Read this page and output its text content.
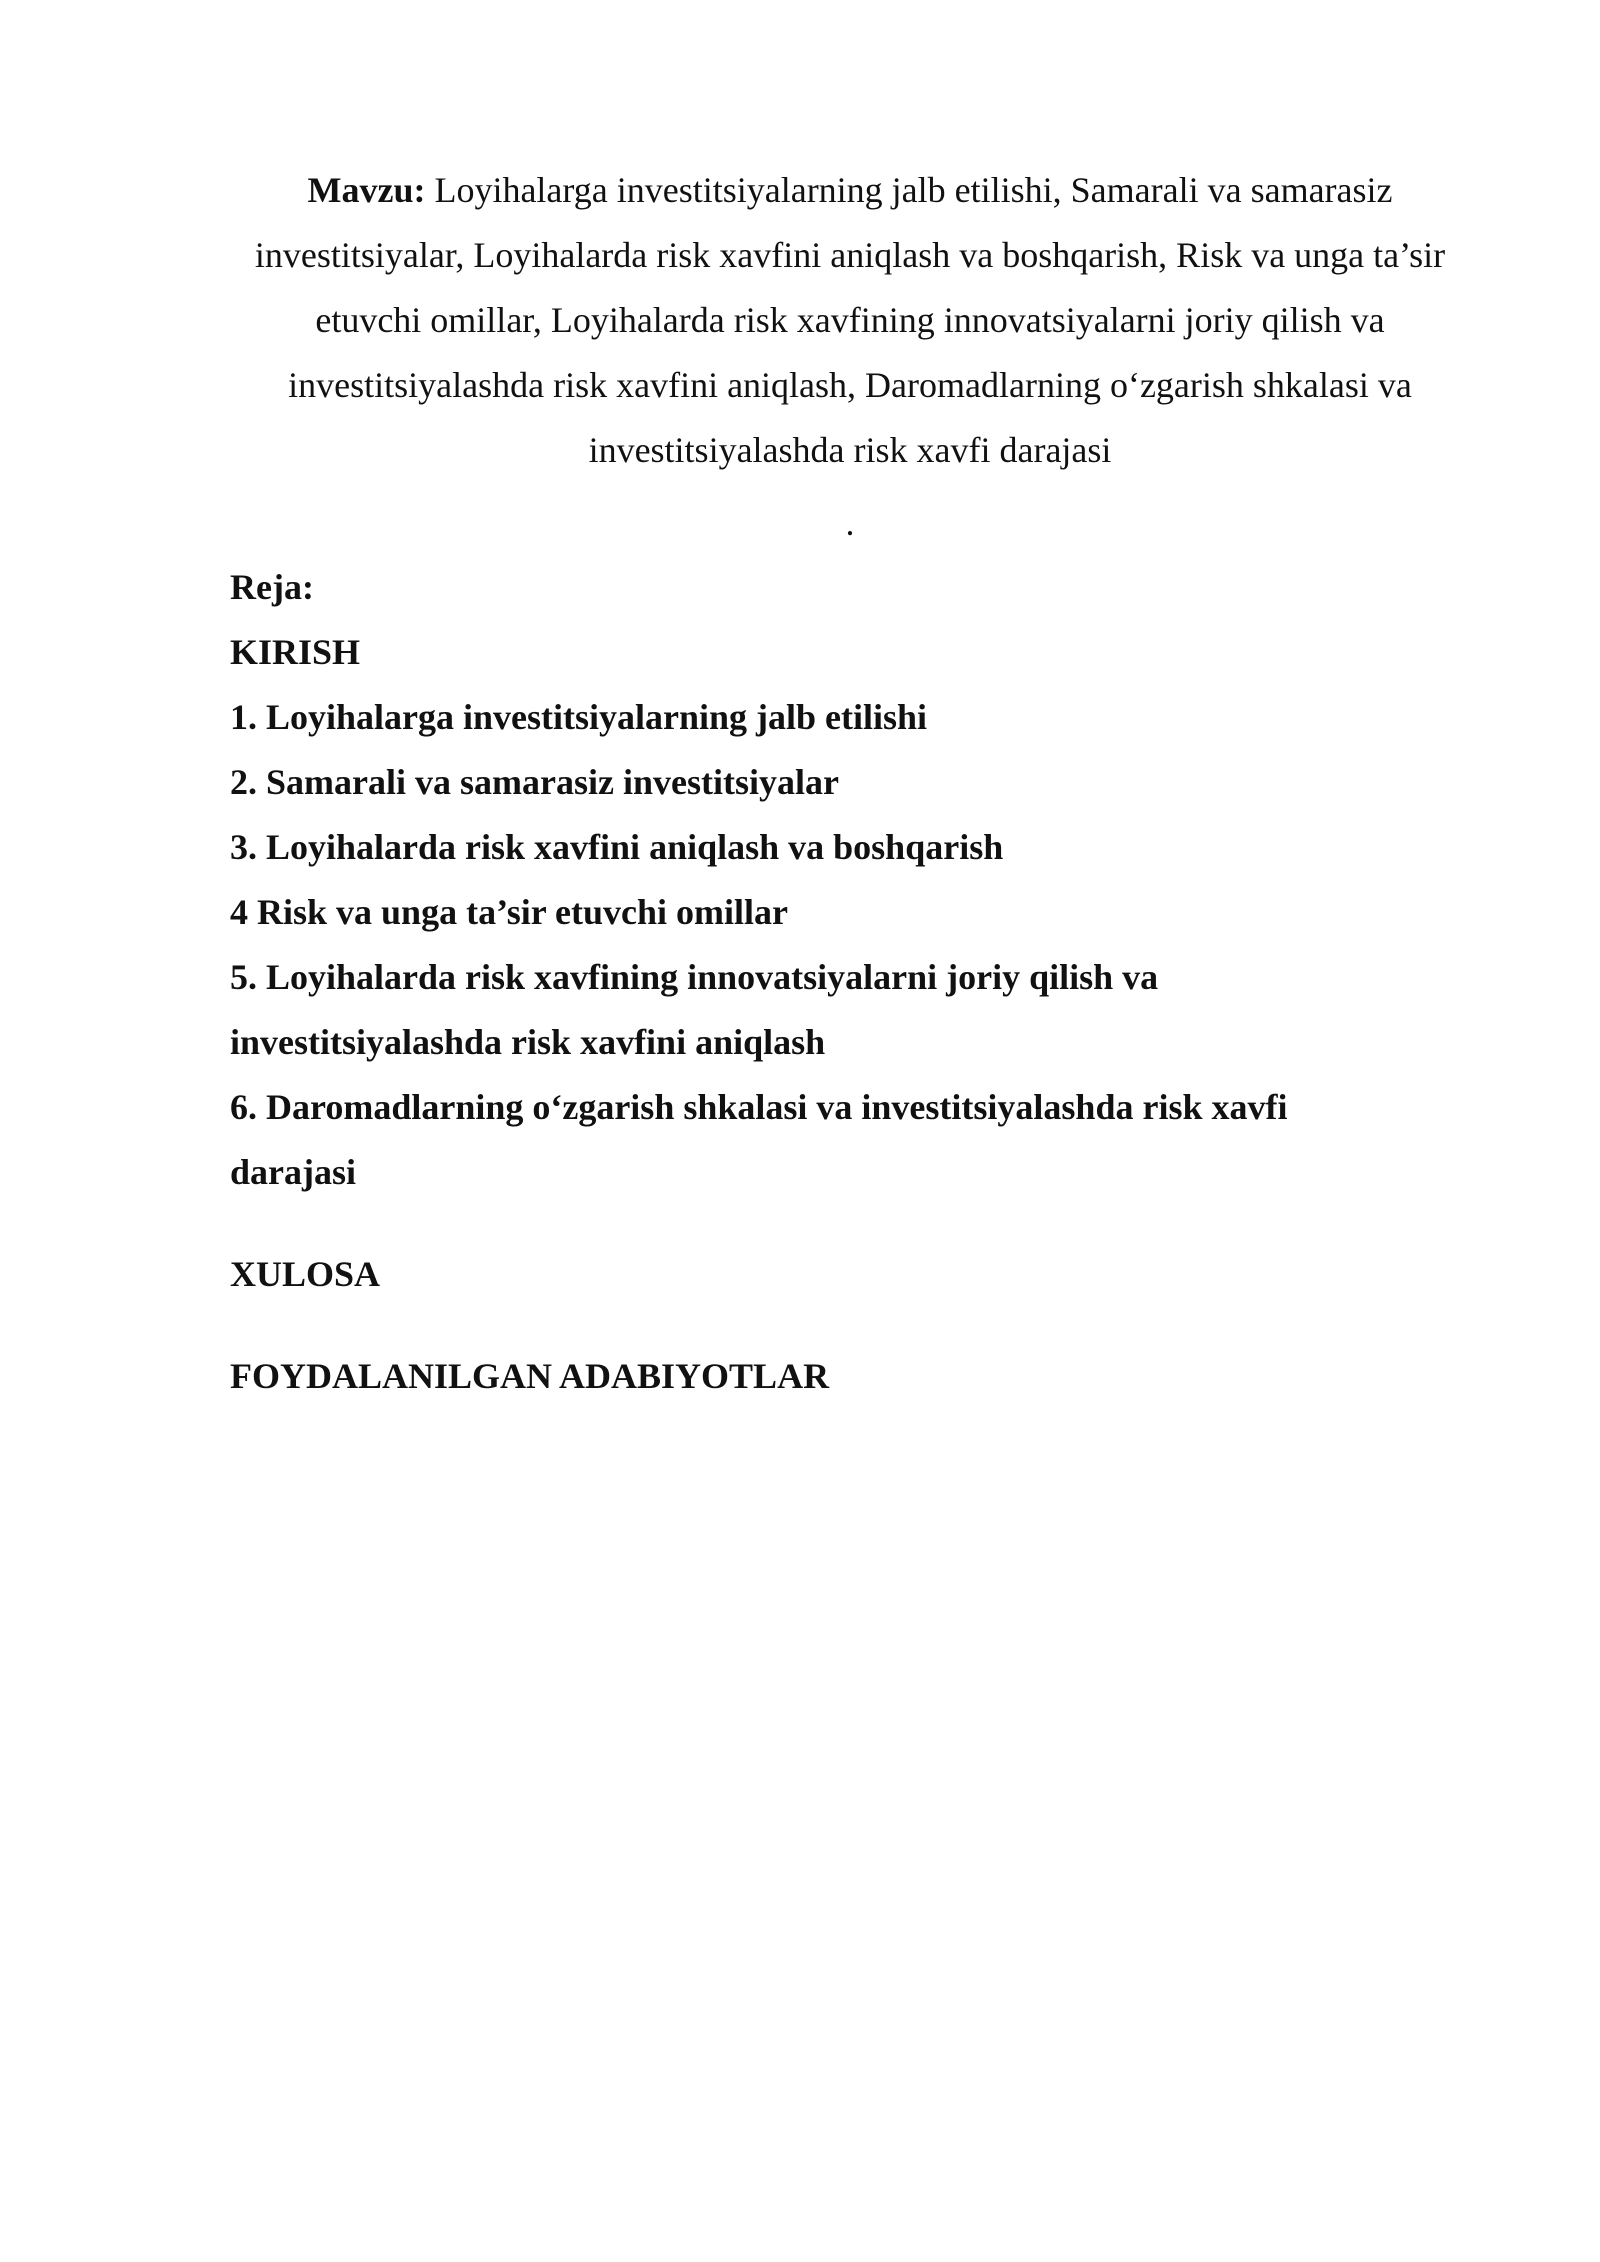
Mavzu: Loyihalarga investitsiyalarning jalb etilishi, Samarali va samarasiz investitsiyalar, Loyihalarda risk xavfini aniqlash va boshqarish, Risk va unga ta’sir etuvchi omillar, Loyihalarda risk xavfining innovatsiyalarni joriy qilish va investitsiyalashda risk xavfini aniqlash, Daromadlarning o‘zgarish shkalasi va investitsiyalashda risk xavfi darajasi
.
Reja:
KIRISH
1. Loyihalarga investitsiyalarning jalb etilishi
2. Samarali va samarasiz investitsiyalar
3. Loyihalarda risk xavfini aniqlash va boshqarish
4 Risk va unga ta’sir etuvchi omillar
5. Loyihalarda risk xavfining innovatsiyalarni joriy qilish va
investitsiyalashda risk xavfini aniqlash
6. Daromadlarning o‘zgarish shkalasi va investitsiyalashda risk xavfi
darajasi
XULOSA
FOYDALANILGAN ADABIYOTLAR
